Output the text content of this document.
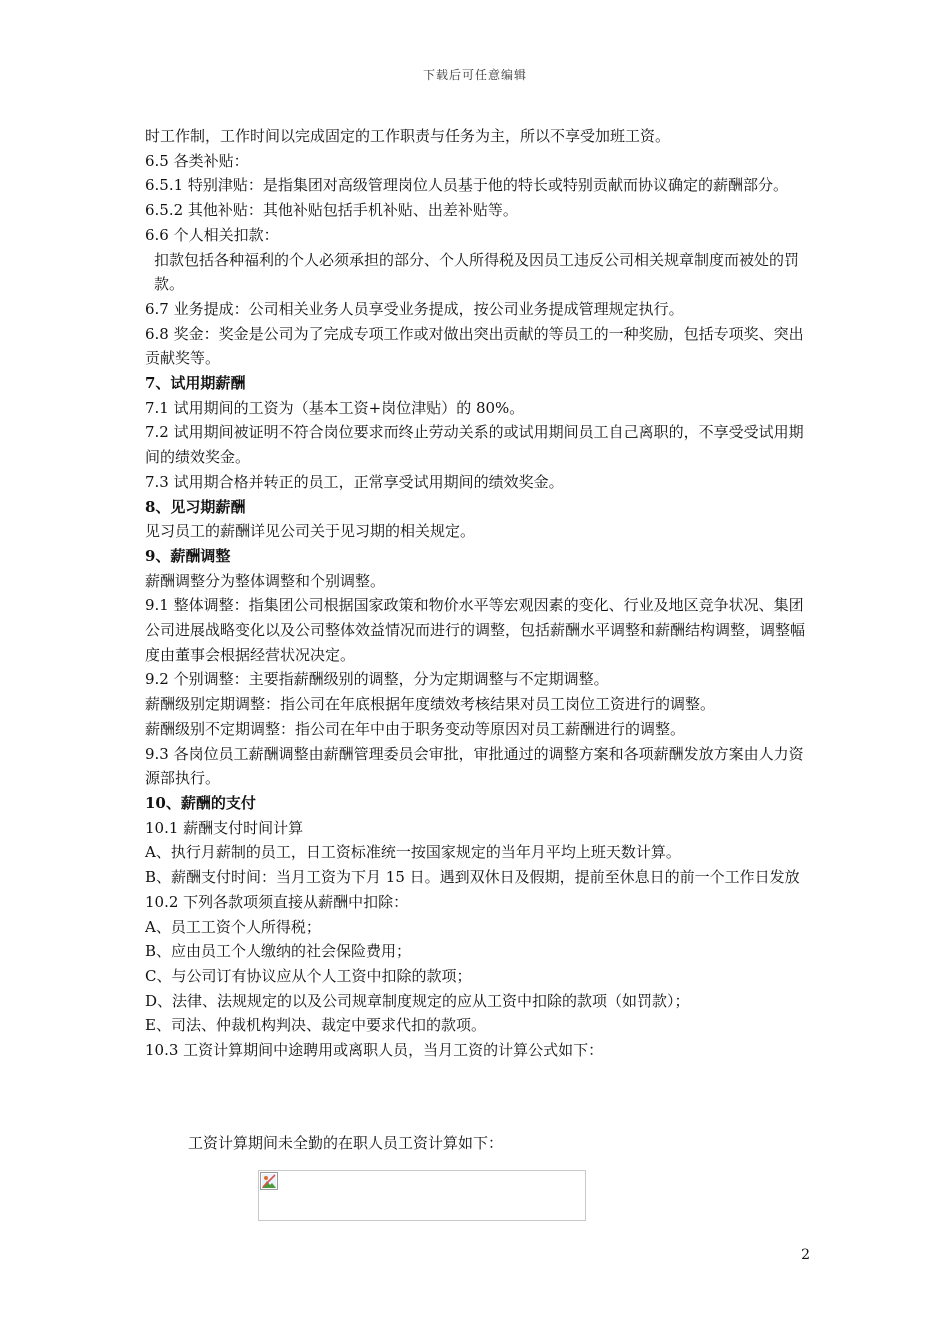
下载后可任意编辑

时工作制，工作时间以完成固定的工作职责与任务为主，所以不享受加班工资。

6.5 各类补贴：

6.5.1 特别津贴：是指集团对高级管理岗位人员基于他的特长或特别贡献而协议确定的薪酬部分。

6.5.2 其他补贴：其他补贴包括手机补贴、出差补贴等。

6.6 个人相关扣款：

扣款包括各种福利的个人必须承担的部分、个人所得税及因员工违反公司相关规章制度而被处的罚款。

6.7 业务提成：公司相关业务人员享受业务提成，按公司业务提成管理规定执行。

6.8 奖金：奖金是公司为了完成专项工作或对做出突出贡献的等员工的一种奖励，包括专项奖、突出贡献奖等。

7、试用期薪酬

7.1 试用期间的工资为（基本工资+岗位津贴）的 80%。

7.2 试用期间被证明不符合岗位要求而终止劳动关系的或试用期间员工自己离职的，不享受受试用期间的绩效奖金。

7.3 试用期合格并转正的员工，正常享受试用期间的绩效奖金。

8、见习期薪酬

见习员工的薪酬详见公司关于见习期的相关规定。

9、薪酬调整

薪酬调整分为整体调整和个别调整。

9.1 整体调整：指集团公司根据国家政策和物价水平等宏观因素的变化、行业及地区竞争状况、集团公司进展战略变化以及公司整体效益情况而进行的调整，包括薪酬水平调整和薪酬结构调整，调整幅度由董事会根据经营状况决定。

9.2 个别调整：主要指薪酬级别的调整，分为定期调整与不定期调整。

薪酬级别定期调整：指公司在年底根据年度绩效考核结果对员工岗位工资进行的调整。

薪酬级别不定期调整：指公司在年中由于职务变动等原因对员工薪酬进行的调整。

9.3 各岗位员工薪酬调整由薪酬管理委员会审批，审批通过的调整方案和各项薪酬发放方案由人力资源部执行。

10、薪酬的支付

10.1 薪酬支付时间计算

A、执行月薪制的员工，日工资标准统一按国家规定的当年月平均上班天数计算。

B、薪酬支付时间：当月工资为下月 15 日。遇到双休日及假期，提前至休息日的前一个工作日发放

10.2 下列各款项须直接从薪酬中扣除：

A、员工工资个人所得税；

B、应由员工个人缴纳的社会保险费用；

C、与公司订有协议应从个人工资中扣除的款项；

D、法律、法规规定的以及公司规章制度规定的应从工资中扣除的款项（如罚款）；

E、司法、仲裁机构判决、裁定中要求代扣的款项。

10.3 工资计算期间中途聘用或离职人员，当月工资的计算公式如下：

工资计算期间未全勤的在职人员工资计算如下：
2
